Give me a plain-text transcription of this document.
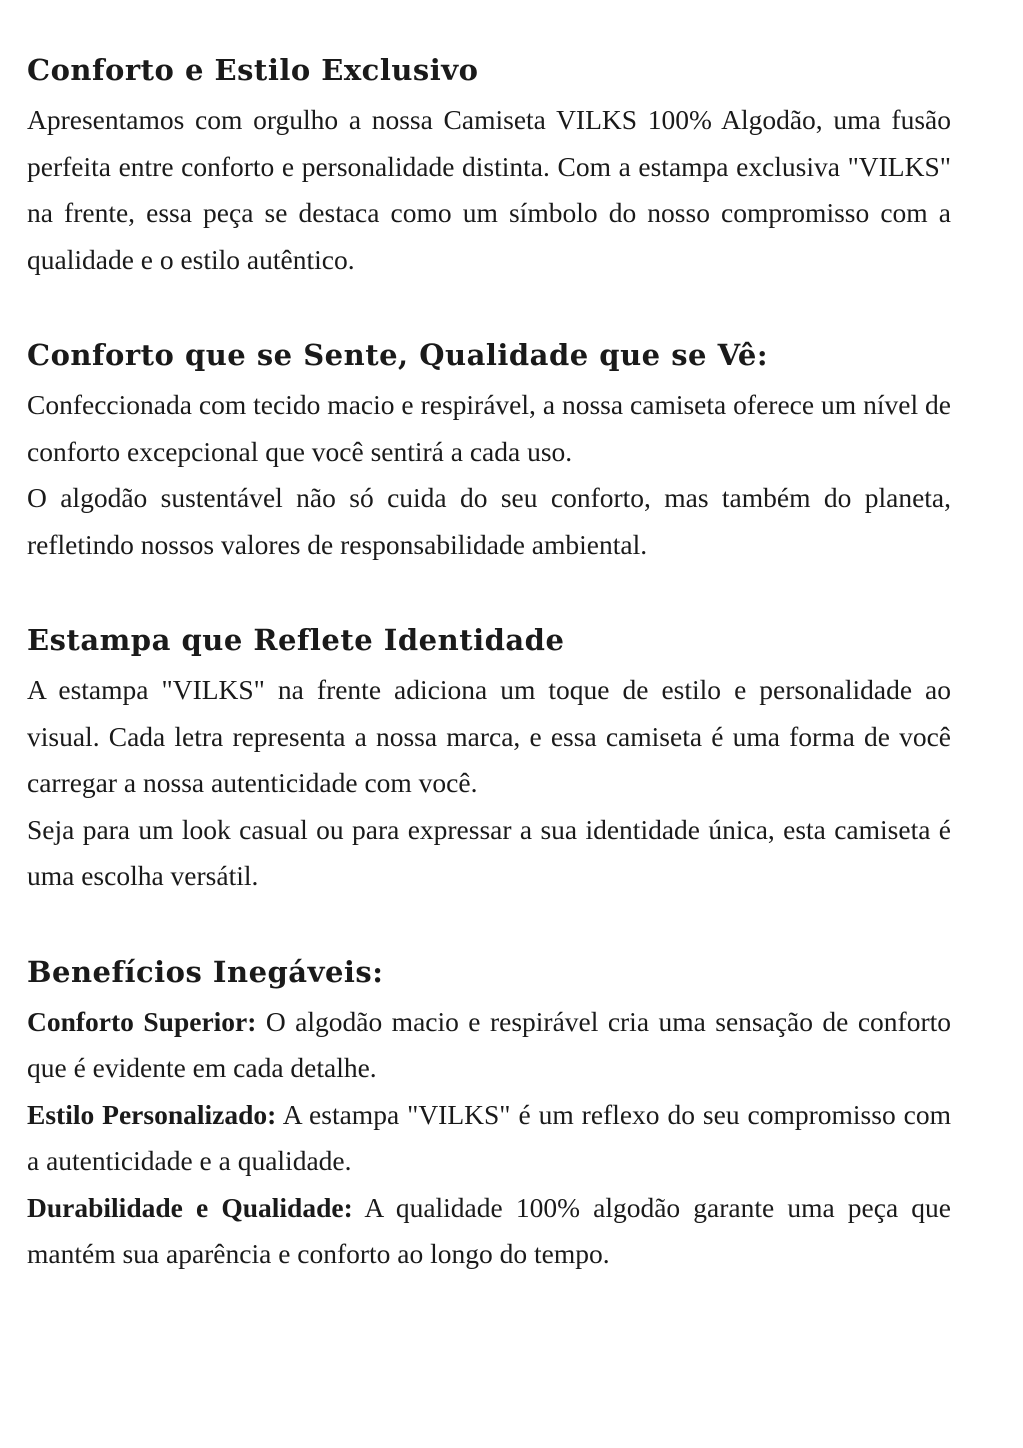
Conforto e Estilo Exclusivo

Apresentamos com orgulho a nossa Camiseta VILKS 100% Algodão, uma fusão perfeita entre conforto e personalidade distinta. Com a estampa exclusiva "VILKS" na frente, essa peça se destaca como um símbolo do nosso compromisso com a qualidade e o estilo autêntico.

Conforto que se Sente, Qualidade que se Vê:

Confeccionada com tecido macio e respirável, a nossa camiseta oferece um nível de conforto excepcional que você sentirá a cada uso.

O algodão sustentável não só cuida do seu conforto, mas também do planeta, refletindo nossos valores de responsabilidade ambiental.

Estampa que Reflete Identidade

A estampa "VILKS" na frente adiciona um toque de estilo e personalidade ao visual. Cada letra representa a nossa marca, e essa camiseta é uma forma de você carregar a nossa autenticidade com você.

Seja para um look casual ou para expressar a sua identidade única, esta camiseta é uma escolha versátil.

Benefícios Inegáveis:

Conforto Superior: O algodão macio e respirável cria uma sensação de conforto que é evidente em cada detalhe.

Estilo Personalizado: A estampa "VILKS" é um reflexo do seu compromisso com a autenticidade e a qualidade.

Durabilidade e Qualidade: A qualidade 100% algodão garante uma peça que mantém sua aparência e conforto ao longo do tempo.
